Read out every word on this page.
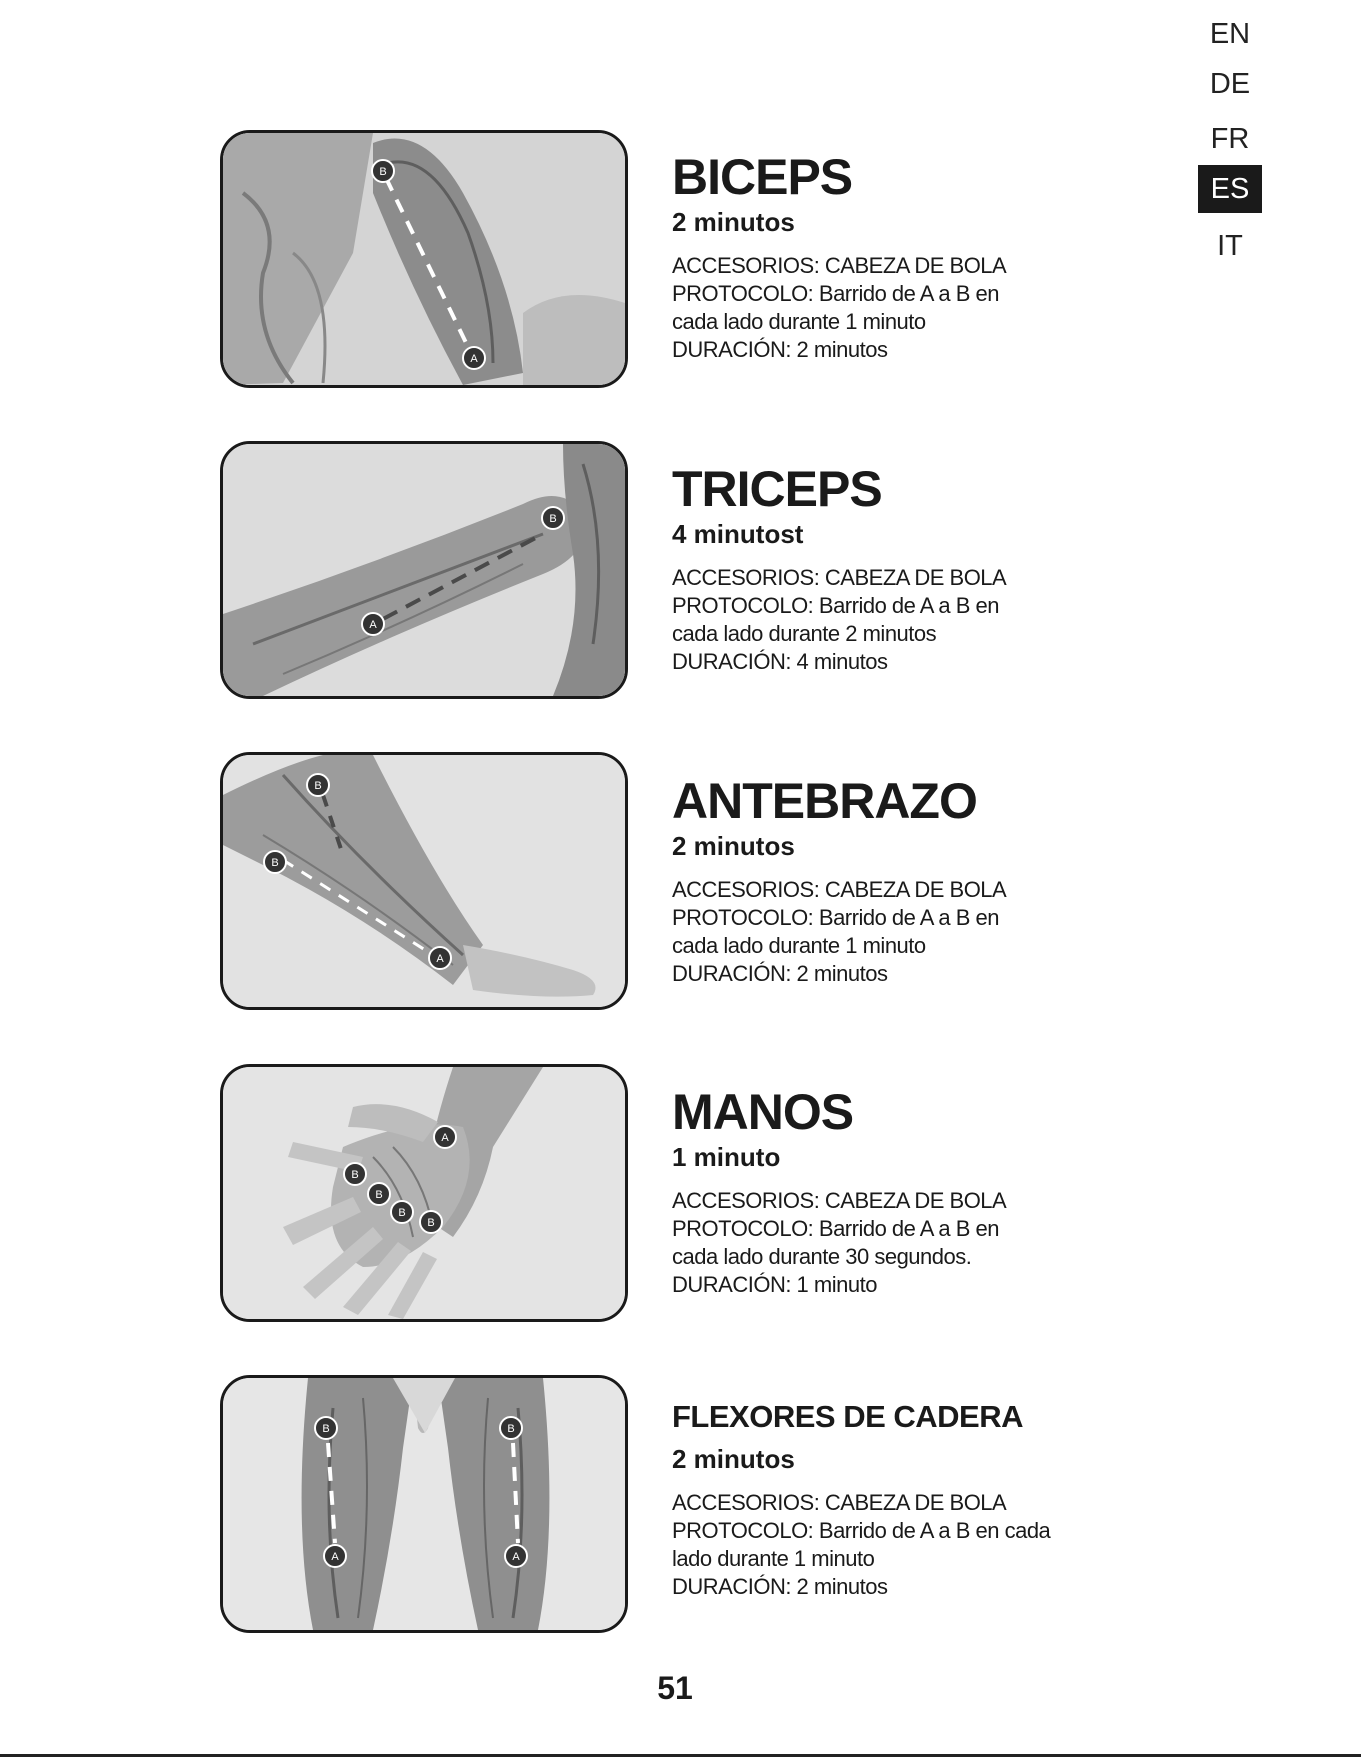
EN
DE
FR
ES
IT
B
A
BICEPS
2 minutos
ACCESORIOS: CABEZA DE BOLA
PROTOCOLO: Barrido de A a B en
cada lado durante 1 minuto
DURACIÓN: 2 minutos
A
B
TRICEPS
4 minutost
ACCESORIOS: CABEZA DE BOLA
PROTOCOLO: Barrido de A a B en
cada lado durante 2 minutos
DURACIÓN: 4 minutos
B
B
A
ANTEBRAZO
2 minutos
ACCESORIOS: CABEZA DE BOLA
PROTOCOLO: Barrido de A a B en
cada lado durante 1 minuto
DURACIÓN: 2 minutos
A
B
B
B
B
MANOS
1 minuto
ACCESORIOS: CABEZA DE BOLA
PROTOCOLO: Barrido de A a B en
cada lado durante 30 segundos.
DURACIÓN: 1 minuto
B
A
B
A
FLEXORES DE CADERA
2 minutos
ACCESORIOS: CABEZA DE BOLA
PROTOCOLO: Barrido de A a B en cada
lado durante 1 minuto
DURACIÓN: 2 minutos
51
